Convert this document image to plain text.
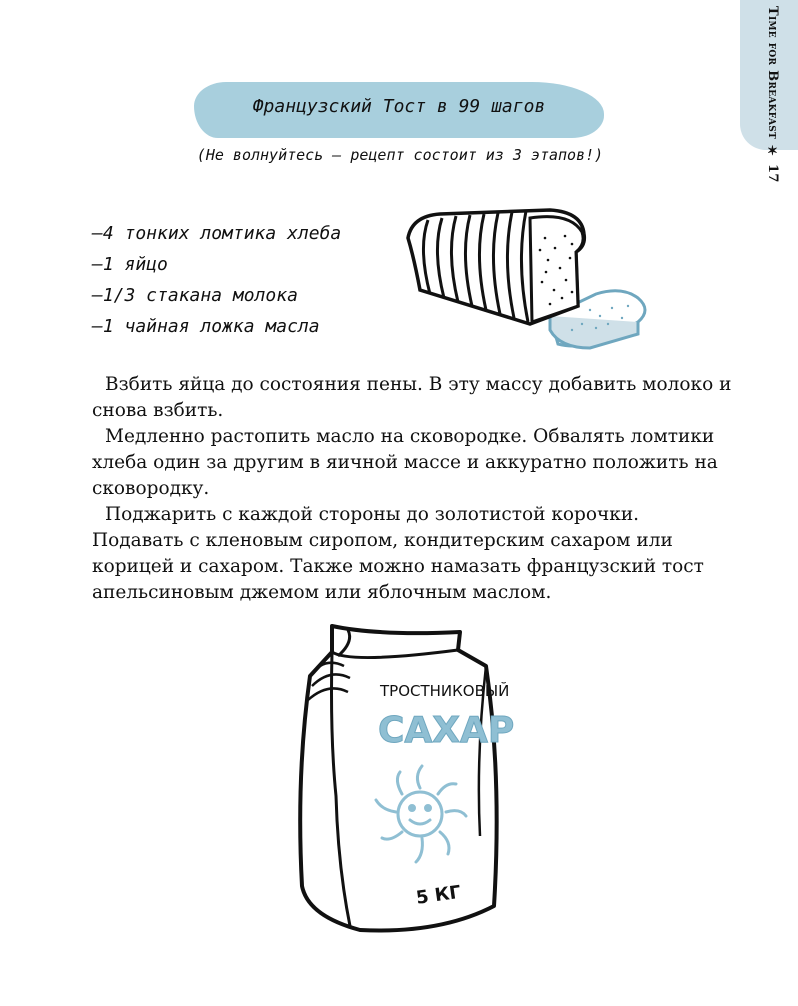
Time for Breakfast ✶ 17
Французский Тост в 99 шагов
(Не волнуйтесь — рецепт состоит из 3 этапов!)
–4 тонких ломтика хлеба
–1 яйцо
–1/3 стакана молока
–1 чайная ложка масла

Взбить яйца до состояния пены. В эту массу добавить молоко и снова взбить.

Медленно растопить масло на сковородке. Обвалять ломтики хлеба один за другим в яичной массе и аккуратно положить на сковородку.

Поджарить с каждой стороны до золотистой корочки. Подавать с кленовым сиропом, кондитерским сахаром или корицей и сахаром. Также можно намазать французский тост апельсиновым джемом или яблочным маслом.

ТРОСТНИКОВЫЙ
САХАР
5 КГ
